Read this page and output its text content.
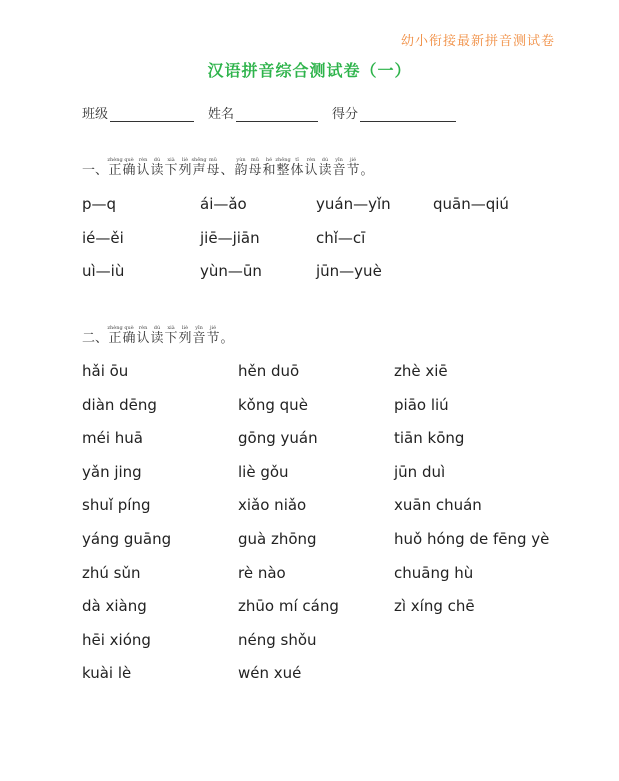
幼小衔接最新拼音测试卷
汉语拼音综合测试卷（一）
班级	姓名	得分
一、
zhèng
正
què
确
rèn
认
dú
读
xià
下
liè
列
shēng
声
mǔ
母 、
yùn
韵
mǔ
母
hé
和
zhěng
整
tǐ
体
rèn
认
dú
读
yīn
音
jié
节 。
p—q	ái—ǎo	yuán—yǐn	quān—qiú
ié—ěi	jiē—jiān	chǐ—cī
uì—iù	yùn—ūn	jūn—yuè
二、
zhèng
正
què
确
rèn
认
dú
读
xià
下
liè
列
yīn
音
jié
节 。
hǎi ōu	hěn duō	zhè xiē
diàn dēng	kǒng què	piāo liú
méi huā	gōng yuán	tiān kōng
yǎn jing	liè gǒu	jūn duì
shuǐ píng	xiǎo niǎo	xuān chuán
yáng guāng	guà zhōng	huǒ hóng de fēng yè
zhú sǔn	rè nào	chuāng hù
dà xiàng	zhūo mí cáng	zì xíng chē
hēi xióng	néng shǒu
kuài lè	wén xué
